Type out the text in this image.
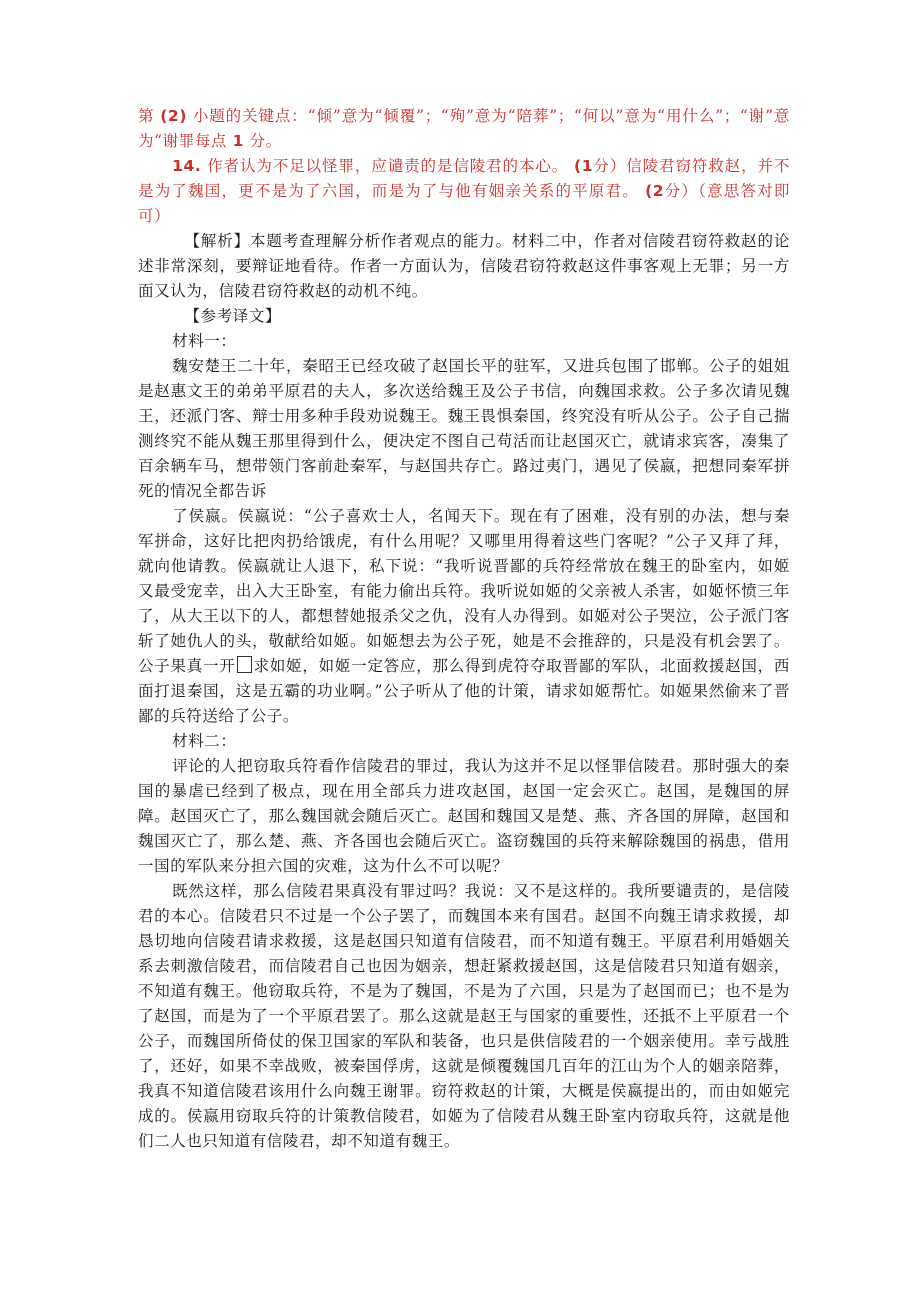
第 (2) 小题的关键点：“倾”意为“倾覆”；“殉”意为“陪葬”；“何以”意为“用什么”；“谢”意为“谢罪每点 1 分。

14. 作者认为不足以怪罪，应谴责的是信陵君的本心。 (1分）信陵君窃符救赵，并不是为了魏国，更不是为了六国，而是为了与他有姻亲关系的平原君。 (2分）（意思答对即可）

【解析】本题考查理解分析作者观点的能力。材料二中，作者对信陵君窃符救赵的论述非常深刻，要辩证地看待。作者一方面认为，信陵君窃符救赵这件事客观上无罪；另一方面又认为，信陵君窃符救赵的动机不纯。

【参考译文】

材料一：

魏安楚王二十年，秦昭王已经攻破了赵国长平的驻军，又进兵包围了邯郸。公子的姐姐是赵惠文王的弟弟平原君的夫人，多次送给魏王及公子书信，向魏国求救。公子多次请见魏王，还派门客、辩士用多种手段劝说魏王。魏王畏惧秦国，终究没有听从公子。公子自己揣测终究不能从魏王那里得到什么，便决定不图自己苟活而让赵国灭亡，就请求宾客，凑集了百余辆车马，想带领门客前赴秦军，与赵国共存亡。路过夷门，遇见了侯嬴，把想同秦军拼死的情况全都告诉

了侯嬴。侯嬴说：“公子喜欢士人，名闻天下。现在有了困难，没有别的办法，想与秦军拼命，这好比把肉扔给饿虎，有什么用呢？又哪里用得着这些门客呢？”公子又拜了拜，就向他请教。侯嬴就让人退下，私下说：“我听说晋鄙的兵符经常放在魏王的卧室内，如姬又最受宠幸，出入大王卧室，有能力偷出兵符。我听说如姬的父亲被人杀害，如姬怀愤三年了，从大王以下的人，都想替她报杀父之仇，没有人办得到。如姬对公子哭泣，公子派门客斩了她仇人的头，敬献给如姬。如姬想去为公子死，她是不会推辞的，只是没有机会罢了。公子果真一开 求如姬，如姬一定答应，那么得到虎符夺取晋鄙的军队，北面救援赵国，西面打退秦国，这是五霸的功业啊。”公子听从了他的计策，请求如姬帮忙。如姬果然偷来了晋鄙的兵符送给了公子。

材料二：

评论的人把窃取兵符看作信陵君的罪过，我认为这并不足以怪罪信陵君。那时强大的秦国的暴虐已经到了极点，现在用全部兵力进攻赵国，赵国一定会灭亡。赵国，是魏国的屏障。赵国灭亡了，那么魏国就会随后灭亡。赵国和魏国又是楚、燕、齐各国的屏障，赵国和魏国灭亡了，那么楚、燕、齐各国也会随后灭亡。盗窃魏国的兵符来解除魏国的祸患，借用一国的军队来分担六国的灾难，这为什么不可以呢？

既然这样，那么信陵君果真没有罪过吗？我说：又不是这样的。我所要谴责的，是信陵君的本心。信陵君只不过是一个公子罢了，而魏国本来有国君。赵国不向魏王请求救援，却恳切地向信陵君请求救援，这是赵国只知道有信陵君，而不知道有魏王。平原君利用婚姻关系去刺激信陵君，而信陵君自己也因为姻亲，想赶紧救援赵国，这是信陵君只知道有姻亲，不知道有魏王。他窃取兵符，不是为了魏国，不是为了六国，只是为了赵国而已；也不是为了赵国，而是为了一个平原君罢了。那么这就是赵王与国家的重要性，还抵不上平原君一个公子，而魏国所倚仗的保卫国家的军队和装备，也只是供信陵君的一个姻亲使用。幸亏战胜了，还好，如果不幸战败，被秦国俘虏，这就是倾覆魏国几百年的江山为个人的姻亲陪葬，我真不知道信陵君该用什么向魏王谢罪。窃符救赵的计策，大概是侯嬴提出的，而由如姬完成的。侯嬴用窃取兵符的计策教信陵君，如姬为了信陵君从魏王卧室内窃取兵符，这就是他们二人也只知道有信陵君，却不知道有魏王。
